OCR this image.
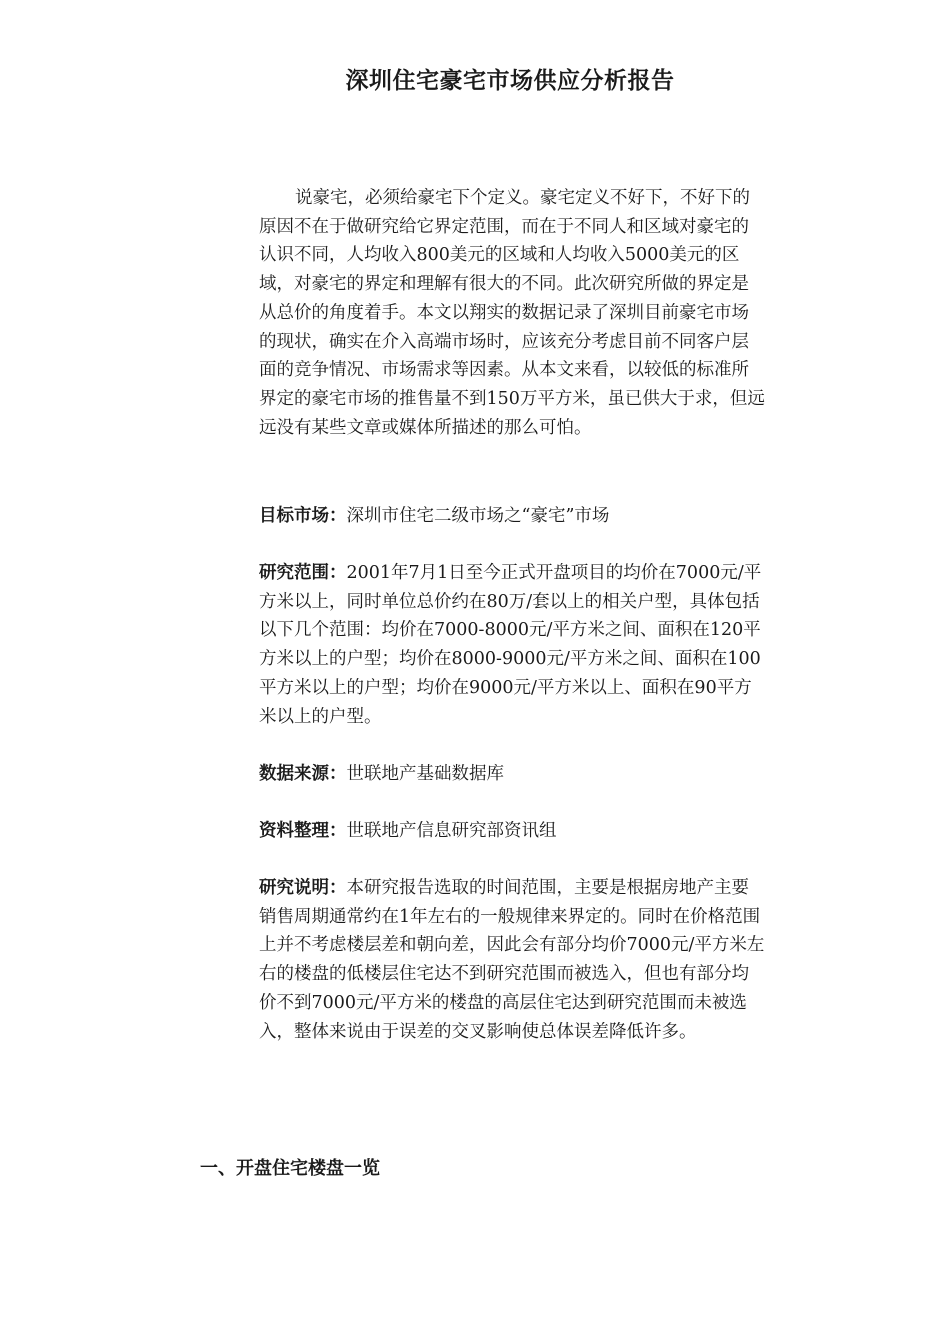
深圳住宅豪宅市场供应分析报告

说豪宅，必须给豪宅下个定义。豪宅定义不好下，不好下的原因不在于做研究给它界定范围，而在于不同人和区域对豪宅的认识不同，人均收入800美元的区域和人均收入5000美元的区域，对豪宅的界定和理解有很大的不同。此次研究所做的界定是从总价的角度着手。本文以翔实的数据记录了深圳目前豪宅市场的现状，确实在介入高端市场时，应该充分考虑目前不同客户层面的竞争情况、市场需求等因素。从本文来看，以较低的标准所界定的豪宅市场的推售量不到150万平方米，虽已供大于求，但远远没有某些文章或媒体所描述的那么可怕。

目标市场：深圳市住宅二级市场之“豪宅”市场

研究范围：2001年7月1日至今正式开盘项目的均价在7000元/平方米以上，同时单位总价约在80万/套以上的相关户型，具体包括以下几个范围：均价在7000-8000元/平方米之间、面积在120平方米以上的户型；均价在8000-9000元/平方米之间、面积在100平方米以上的户型；均价在9000元/平方米以上、面积在90平方米以上的户型。

数据来源：世联地产基础数据库

资料整理：世联地产信息研究部资讯组

研究说明：本研究报告选取的时间范围，主要是根据房地产主要销售周期通常约在1年左右的一般规律来界定的。同时在价格范围上并不考虑楼层差和朝向差，因此会有部分均价7000元/平方米左右的楼盘的低楼层住宅达不到研究范围而被选入，但也有部分均价不到7000元/平方米的楼盘的高层住宅达到研究范围而未被选入，整体来说由于误差的交叉影响使总体误差降低许多。

一、开盘住宅楼盘一览
